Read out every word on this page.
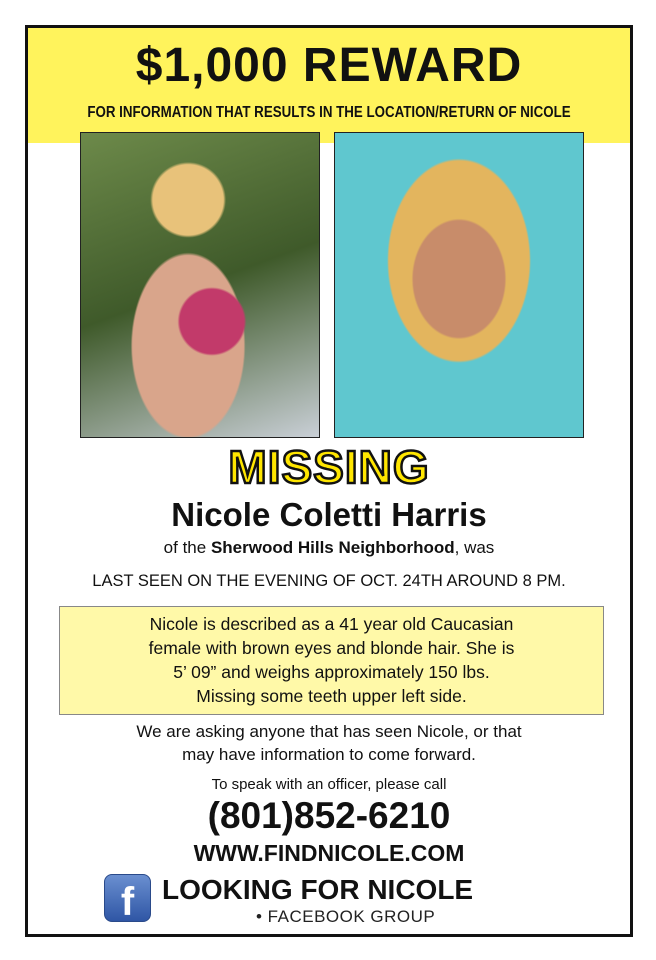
$1,000 REWARD
FOR INFORMATION THAT RESULTS IN THE LOCATION/RETURN OF NICOLE
MISSING
Nicole Coletti Harris
of the Sherwood Hills Neighborhood, was
LAST SEEN ON THE EVENING OF OCT. 24TH AROUND 8 PM.
Nicole is described as a 41 year old Caucasian
female with brown eyes and blonde hair. She is
5’ 09” and weighs approximately 150 lbs.
Missing some teeth upper left side.
We are asking anyone that has seen Nicole, or that
may have information to come forward.
To speak with an officer, please call
(801)852-6210
WWW.FINDNICOLE.COM
f LOOKING FOR NICOLE
• FACEBOOK GROUP
